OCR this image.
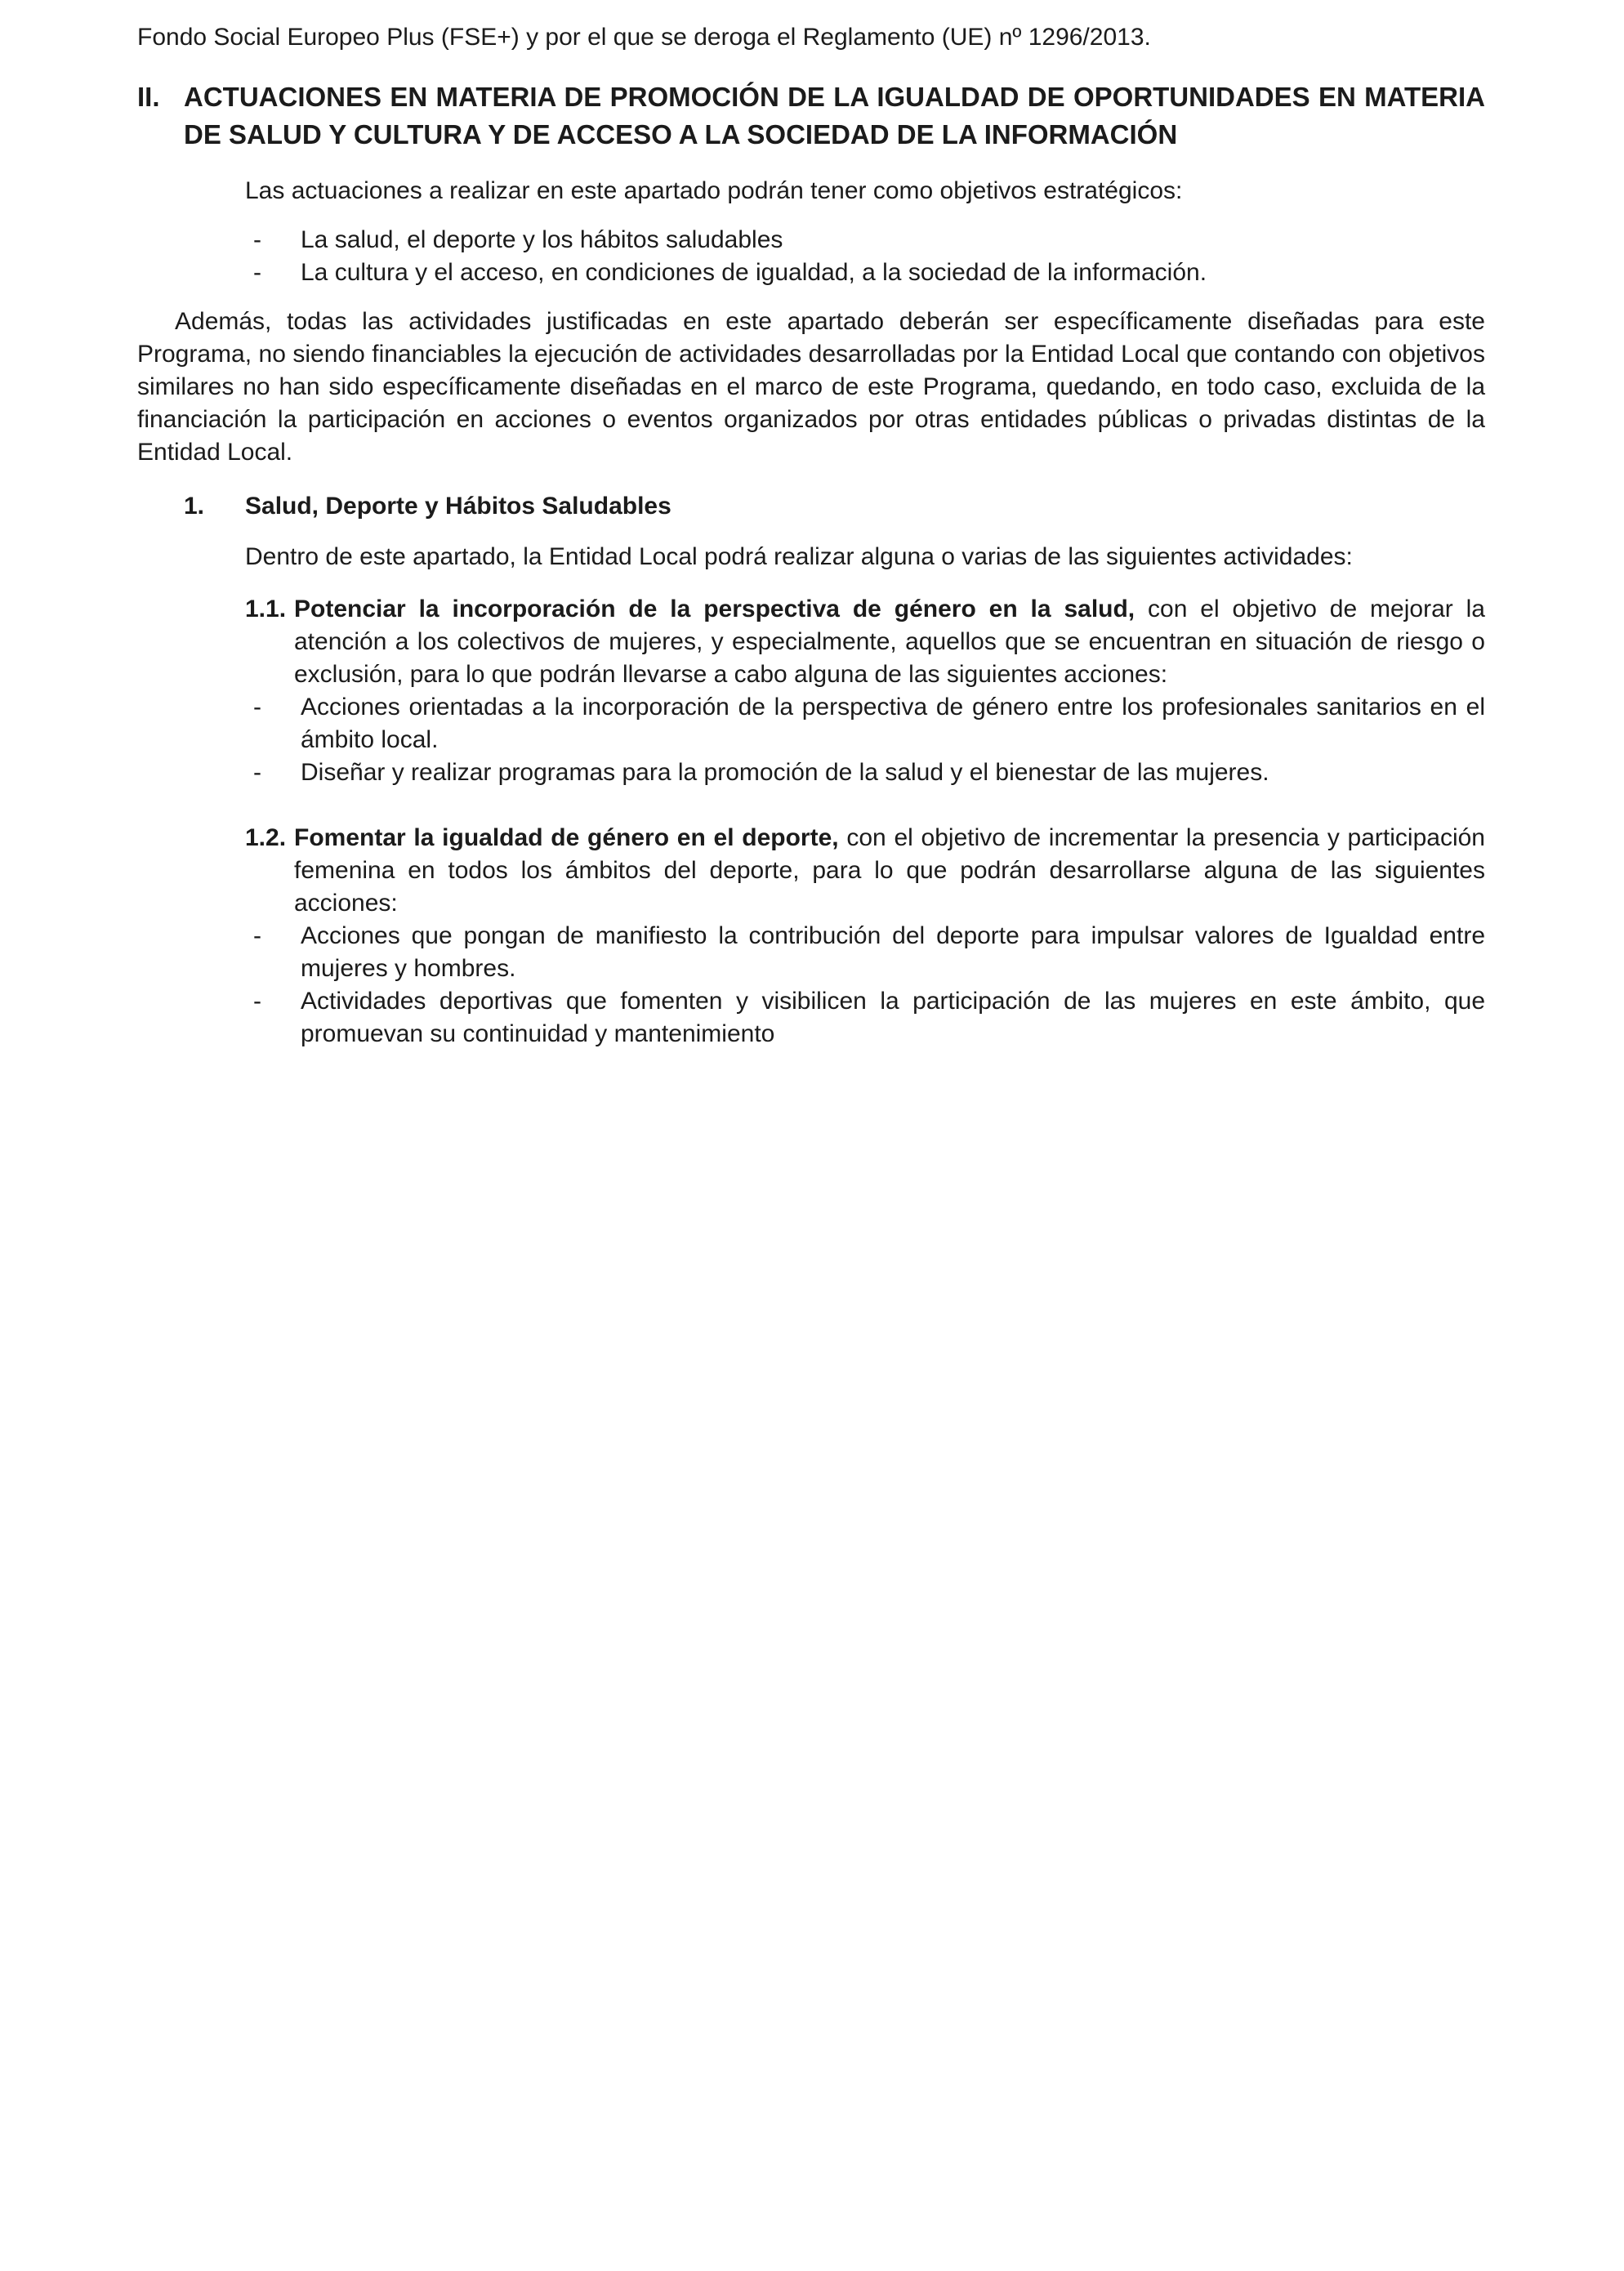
Fondo Social Europeo Plus (FSE+) y por el que se deroga el Reglamento (UE) nº 1296/2013.

II. ACTUACIONES EN MATERIA DE PROMOCIÓN DE LA IGUALDAD DE OPORTUNIDADES EN MATERIA DE SALUD Y CULTURA Y DE ACCESO A LA SOCIEDAD DE LA INFORMACIÓN

Las actuaciones a realizar en este apartado podrán tener como objetivos estratégicos:

- La salud, el deporte y los hábitos saludables

- La cultura y el acceso, en condiciones de igualdad, a la sociedad de la información.

Además, todas las actividades justificadas en este apartado deberán ser específicamente diseñadas para este Programa, no siendo financiables la ejecución de actividades desarrolladas por la Entidad Local que contando con objetivos similares no han sido específicamente diseñadas en el marco de este Programa, quedando, en todo caso, excluida de la financiación la participación en acciones o eventos organizados por otras entidades públicas o privadas distintas de la Entidad Local.

1.	Salud, Deporte y Hábitos Saludables

Dentro de este apartado, la Entidad Local podrá realizar alguna o varias de las siguientes actividades:

1.1. Potenciar la incorporación de la perspectiva de género en la salud, con el objetivo de mejorar la atención a los colectivos de mujeres, y especialmente, aquellos que se encuentran en situación de riesgo o exclusión, para lo que podrán llevarse a cabo alguna de las siguientes acciones:

- Acciones orientadas a la incorporación de la perspectiva de género entre los profesionales sanitarios en el ámbito local.

- Diseñar y realizar programas para la promoción de la salud y el bienestar de las mujeres.

1.2. Fomentar la igualdad de género en el deporte, con el objetivo de incrementar la presencia y participación femenina en todos los ámbitos del deporte, para lo que podrán desarrollarse alguna de las siguientes acciones:

- Acciones que pongan de manifiesto la contribución del deporte para impulsar valores de Igualdad entre mujeres y hombres.

- Actividades deportivas que fomenten y visibilicen la participación de las mujeres en este ámbito, que promuevan su continuidad y mantenimiento
